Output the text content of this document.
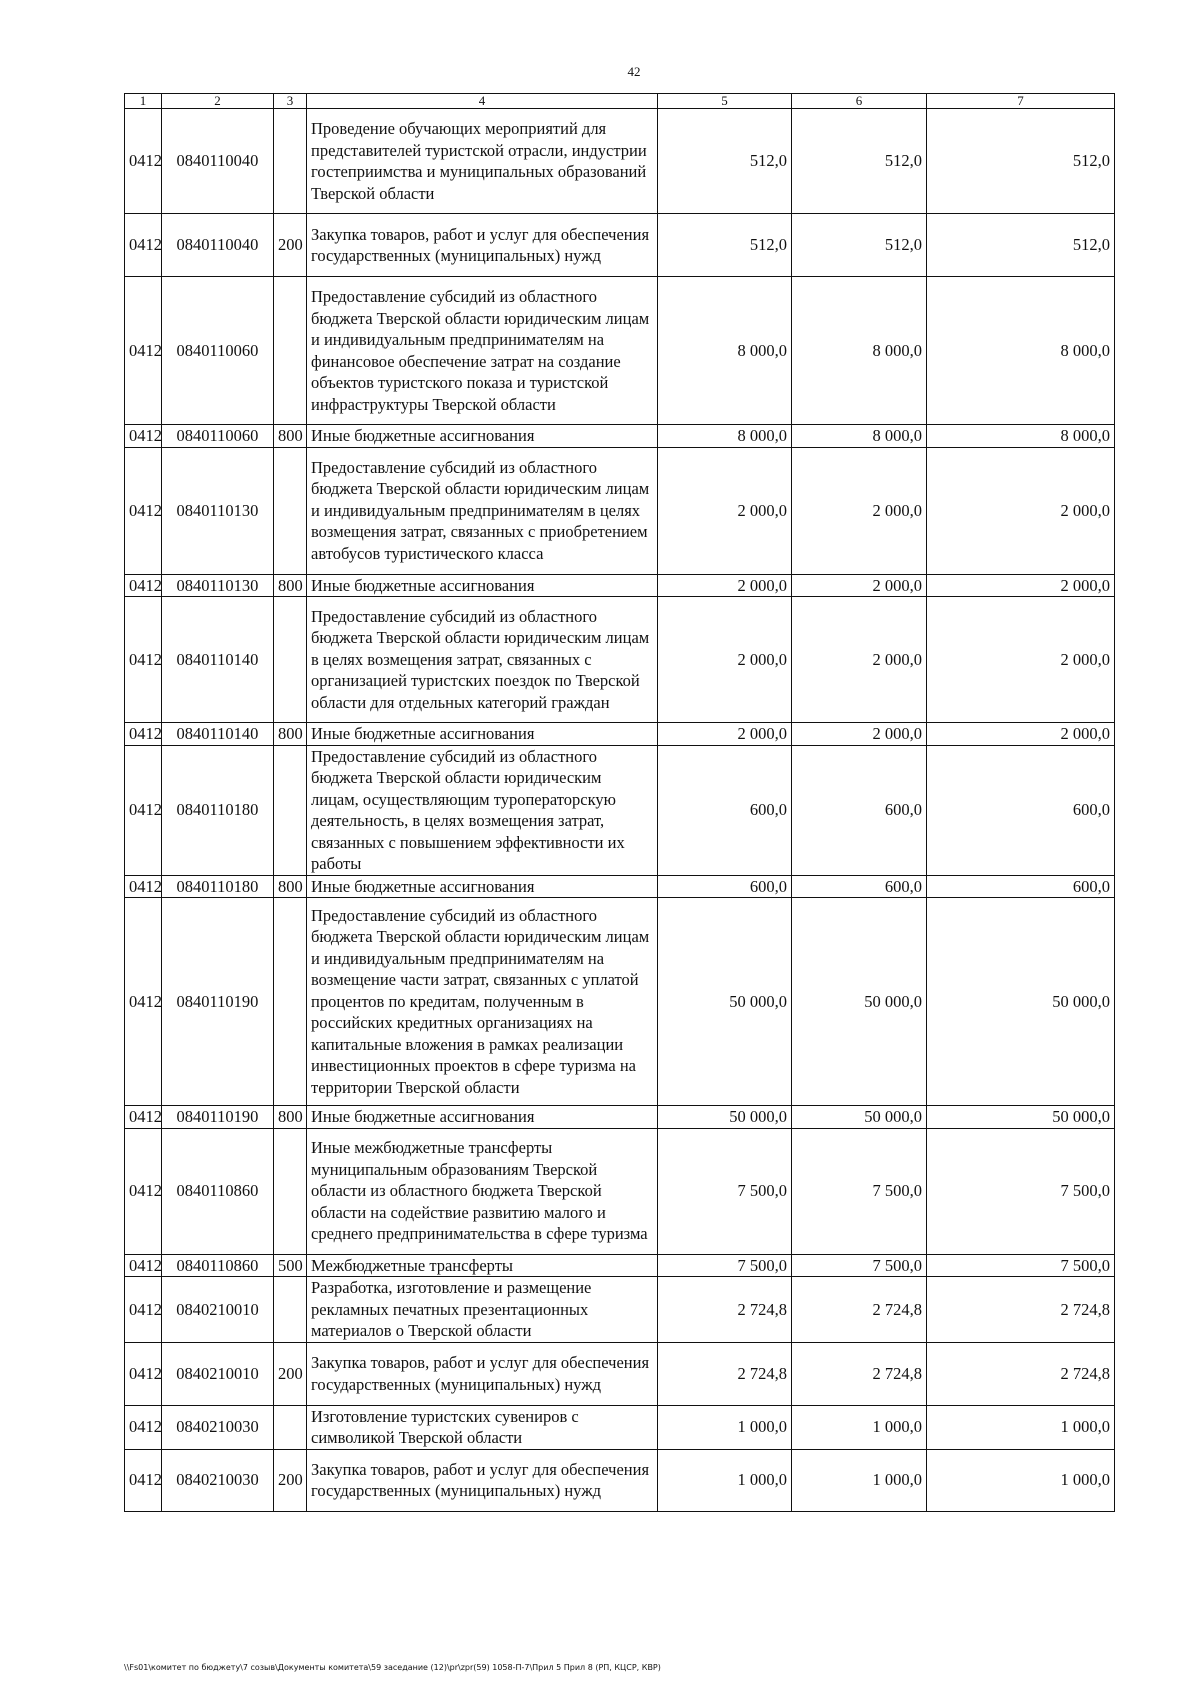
42
1	2	3	4	5	6	7
0412	0840110040		Проведение обучающих мероприятий для представителей туристской отрасли, индустрии гостеприимства и муниципальных образований Тверской области	512,0	512,0	512,0
0412	0840110040	200	Закупка товаров, работ и услуг для обеспечения государственных (муниципальных) нужд	512,0	512,0	512,0
0412	0840110060		Предоставление субсидий из областного бюджета Тверской области юридическим лицам и индивидуальным предпринимателям на финансовое обеспечение затрат на создание объектов туристского показа и туристской инфраструктуры Тверской области	8 000,0	8 000,0	8 000,0
0412	0840110060	800	Иные бюджетные ассигнования	8 000,0	8 000,0	8 000,0
0412	0840110130		Предоставление субсидий из областного бюджета Тверской области юридическим лицам и индивидуальным предпринимателям в целях возмещения затрат, связанных с приобретением автобусов туристического класса	2 000,0	2 000,0	2 000,0
0412	0840110130	800	Иные бюджетные ассигнования	2 000,0	2 000,0	2 000,0
0412	0840110140		Предоставление субсидий из областного бюджета Тверской области юридическим лицам в целях возмещения затрат, связанных с организацией туристских поездок по Тверской области для отдельных категорий граждан	2 000,0	2 000,0	2 000,0
0412	0840110140	800	Иные бюджетные ассигнования	2 000,0	2 000,0	2 000,0
0412	0840110180		Предоставление субсидий из областного бюджета Тверской области юридическим лицам, осуществляющим туроператорскую деятельность, в целях возмещения затрат, связанных с повышением эффективности их работы	600,0	600,0	600,0
0412	0840110180	800	Иные бюджетные ассигнования	600,0	600,0	600,0
0412	0840110190		Предоставление субсидий из областного бюджета Тверской области юридическим лицам и индивидуальным предпринимателям на возмещение части затрат, связанных с уплатой процентов по кредитам, полученным в российских кредитных организациях на капитальные вложения в рамках реализации инвестиционных проектов в сфере туризма на территории Тверской области	50 000,0	50 000,0	50 000,0
0412	0840110190	800	Иные бюджетные ассигнования	50 000,0	50 000,0	50 000,0
0412	0840110860		Иные межбюджетные трансферты муниципальным образованиям Тверской области из областного бюджета Тверской области на содействие развитию малого и среднего предпринимательства в сфере туризма	7 500,0	7 500,0	7 500,0
0412	0840110860	500	Межбюджетные трансферты	7 500,0	7 500,0	7 500,0
0412	0840210010		Разработка, изготовление и размещение рекламных печатных презентационных материалов о Тверской области	2 724,8	2 724,8	2 724,8
0412	0840210010	200	Закупка товаров, работ и услуг для обеспечения государственных (муниципальных) нужд	2 724,8	2 724,8	2 724,8
0412	0840210030		Изготовление туристских сувениров с символикой Тверской области	1 000,0	1 000,0	1 000,0
0412	0840210030	200	Закупка товаров, работ и услуг для обеспечения государственных (муниципальных) нужд	1 000,0	1 000,0	1 000,0
\\Fs01\комитет по бюджету\7 созыв\Документы комитета\59 заседание (12)\pr\zpr(59) 1058-П-7\Прил 5 Прил 8 (РП, КЦСР, КВР)
